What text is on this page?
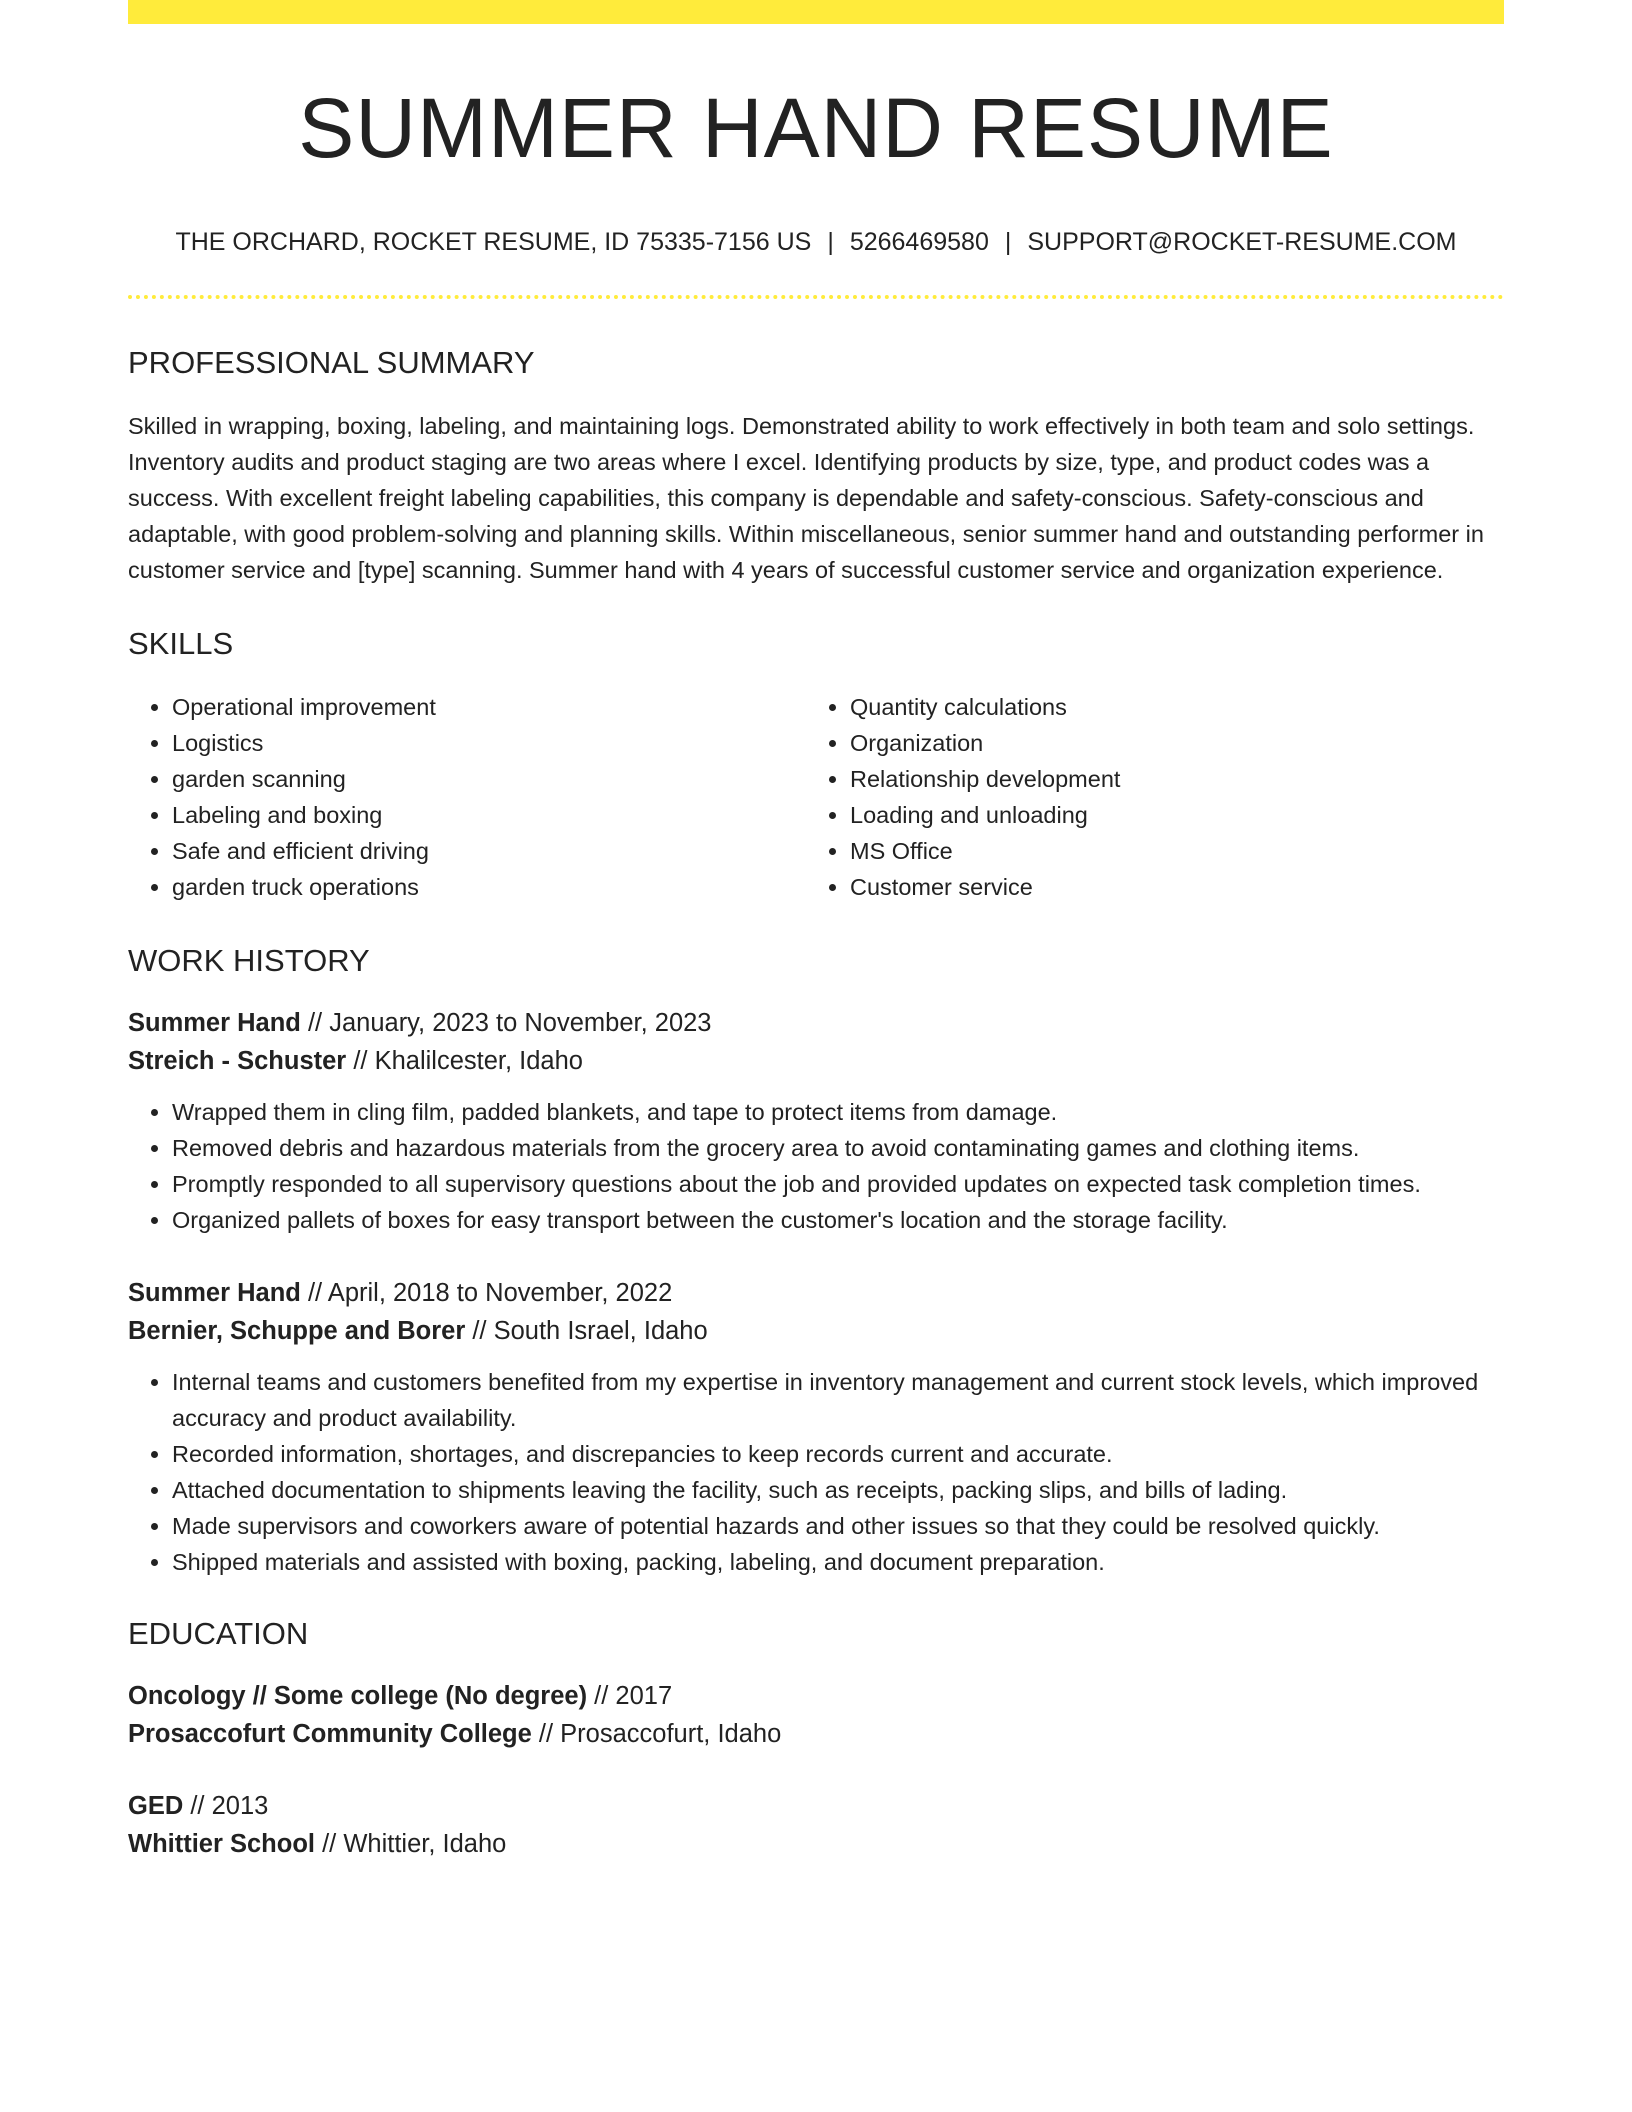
SUMMER HAND RESUME
THE ORCHARD, ROCKET RESUME, ID 75335-7156 US | 5266469580 | SUPPORT@ROCKET-RESUME.COM
PROFESSIONAL SUMMARY
Skilled in wrapping, boxing, labeling, and maintaining logs. Demonstrated ability to work effectively in both team and solo settings. Inventory audits and product staging are two areas where I excel. Identifying products by size, type, and product codes was a success. With excellent freight labeling capabilities, this company is dependable and safety-conscious. Safety-conscious and adaptable, with good problem-solving and planning skills. Within miscellaneous, senior summer hand and outstanding performer in customer service and [type] scanning. Summer hand with 4 years of successful customer service and organization experience.
SKILLS
• Operational improvement
• Logistics
• garden scanning
• Labeling and boxing
• Safe and efficient driving
• garden truck operations
• Quantity calculations
• Organization
• Relationship development
• Loading and unloading
• MS Office
• Customer service
WORK HISTORY
Summer Hand // January, 2023 to November, 2023
Streich - Schuster // Khalilcester, Idaho
• Wrapped them in cling film, padded blankets, and tape to protect items from damage.
• Removed debris and hazardous materials from the grocery area to avoid contaminating games and clothing items.
• Promptly responded to all supervisory questions about the job and provided updates on expected task completion times.
• Organized pallets of boxes for easy transport between the customer's location and the storage facility.
Summer Hand // April, 2018 to November, 2022
Bernier, Schuppe and Borer // South Israel, Idaho
• Internal teams and customers benefited from my expertise in inventory management and current stock levels, which improved accuracy and product availability.
• Recorded information, shortages, and discrepancies to keep records current and accurate.
• Attached documentation to shipments leaving the facility, such as receipts, packing slips, and bills of lading.
• Made supervisors and coworkers aware of potential hazards and other issues so that they could be resolved quickly.
• Shipped materials and assisted with boxing, packing, labeling, and document preparation.
EDUCATION
Oncology // Some college (No degree) // 2017
Prosaccofurt Community College // Prosaccofurt, Idaho
GED // 2013
Whittier School // Whittier, Idaho
